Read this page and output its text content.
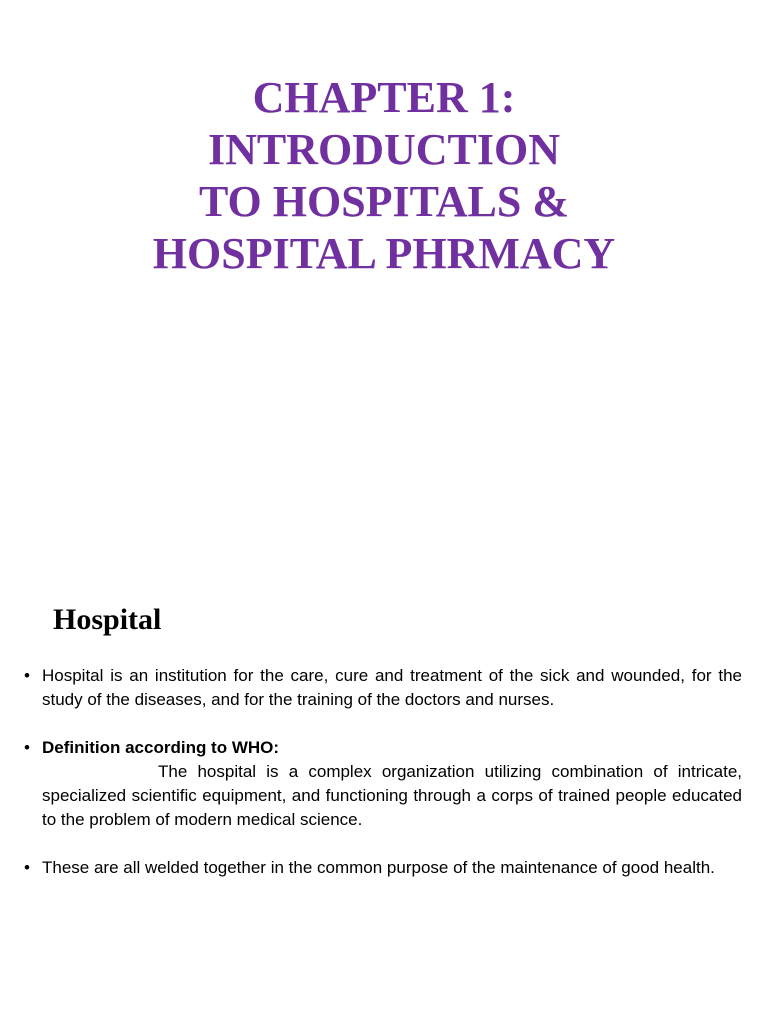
CHAPTER 1:
INTRODUCTION
TO HOSPITALS &
HOSPITAL PHRMACY
Hospital
• Hospital is an institution for the care, cure and treatment of the sick and wounded, for the study of the diseases, and for the training of the doctors and nurses.
• Definition according to WHO:
The hospital is a complex organization utilizing combination of intricate, specialized scientific equipment, and functioning through a corps of trained people educated to the problem of modern medical science.
• These are all welded together in the common purpose of the maintenance of good health.
